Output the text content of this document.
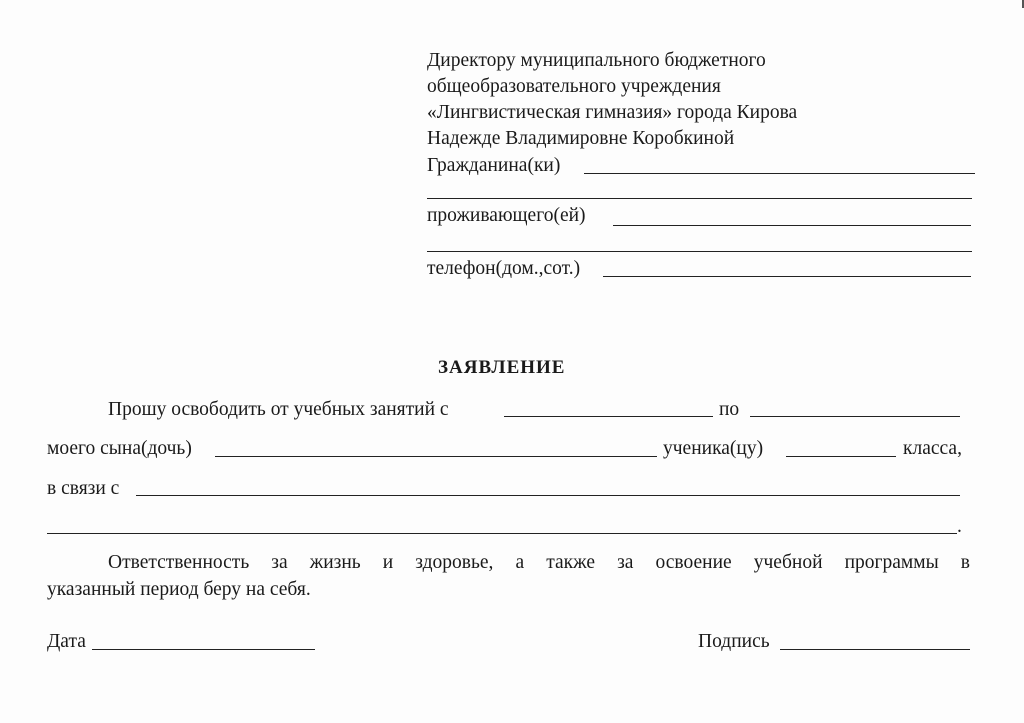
Директору муниципального бюджетного
общеобразовательного учреждения
«Лингвистическая гимназия» города Кирова
Надежде Владимировне Коробкиной
Гражданина(ки)
проживающего(ей)
телефон(дом.,сот.)
ЗАЯВЛЕНИЕ
Прошу освободить от учебных занятий с	по
моего сына(дочь)	ученика(цу)	класса,
в связи с
.
Ответственность за жизнь и здоровье, а также за освоение учебной программы в
указанный период беру на себя.
Дата	Подпись
